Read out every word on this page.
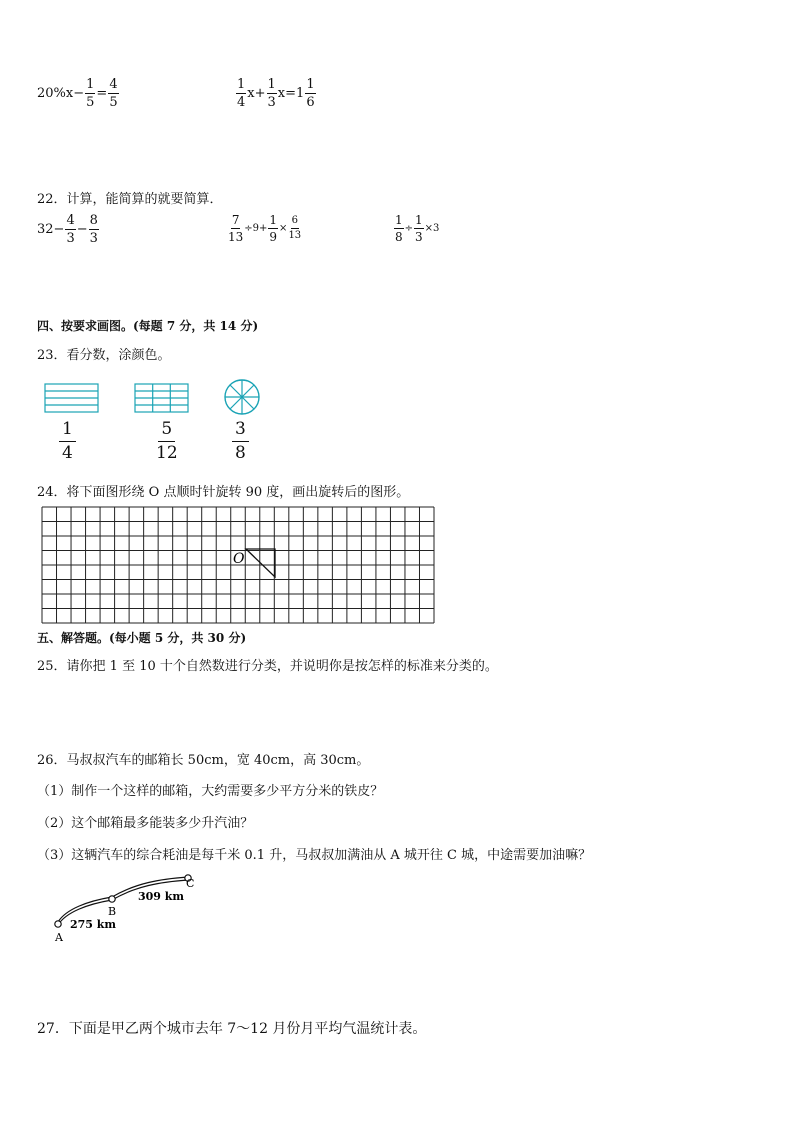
$20\%x- \frac{1}{5} = \frac{4}{5}$	$\frac{1}{4} x+ \frac{1}{3} x= 1 \frac{1}{6}$
22．计算，能简算的就要简算．
$32- \frac{4}{3} - \frac{8}{3}$	$\frac{7}{13} \div 9+ \frac{1}{9} \times \frac{6}{13}$	$\frac{1}{8} \div \frac{1}{3} \times 3$
四、按要求画图。(每题 7 分，共 14 分)
23．看分数，涂颜色。
$\frac{1}{4}$	$\frac{5}{12}$	$\frac{3}{8}$
24．将下面图形绕 O 点顺时针旋转 90 度，画出旋转后的图形。
O
五、解答题。(每小题 5 分，共 30 分)
25．请你把 1 至 10 十个自然数进行分类，并说明你是按怎样的标准来分类的。
26．马叔叔汽车的邮箱长 50cm，宽 40cm，高 30cm。
（1）制作一个这样的邮箱，大约需要多少平方分米的铁皮？
（2）这个邮箱最多能装多少升汽油？
（3）这辆汽车的综合耗油是每千米 0.1 升，马叔叔加满油从 A 城开往 C 城，中途需要加油嘛？
A
B
C
275 km
309 km
27．下面是甲乙两个城市去年 7～12 月份月平均气温统计表。
